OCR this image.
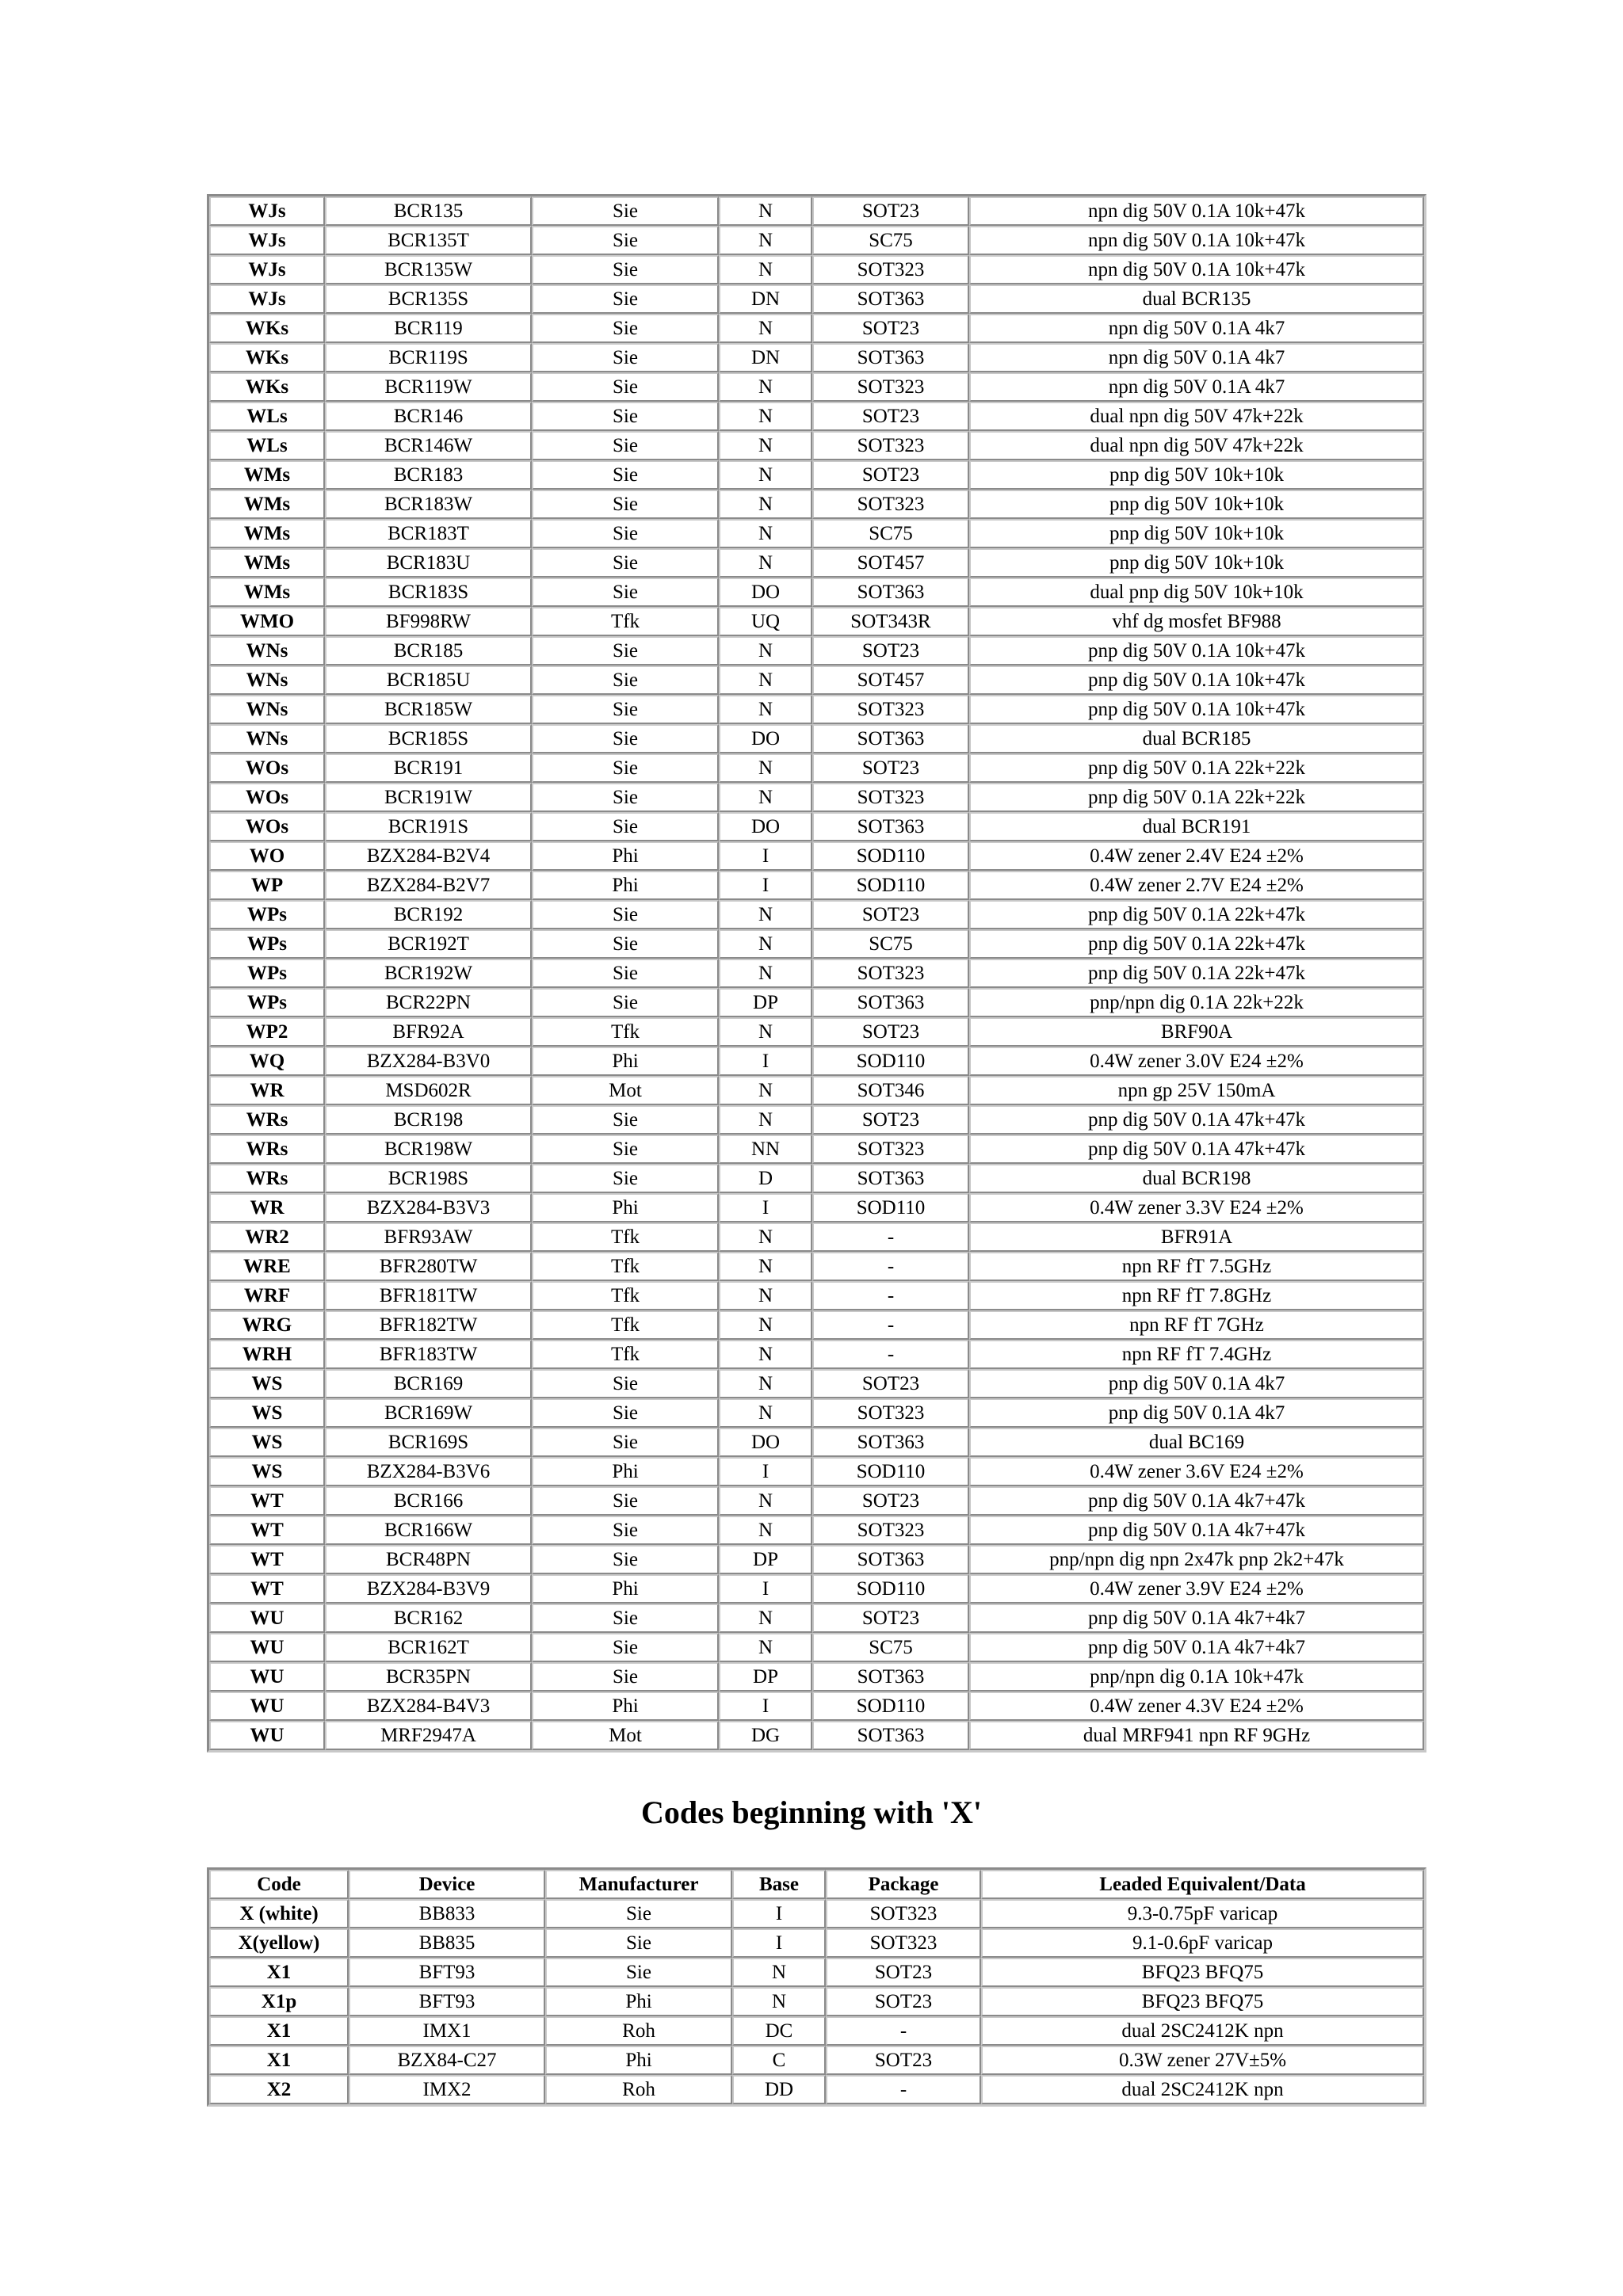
WJs	BCR135	Sie	N	SOT23	npn dig 50V 0.1A 10k+47k
WJs	BCR135T	Sie	N	SC75	npn dig 50V 0.1A 10k+47k
WJs	BCR135W	Sie	N	SOT323	npn dig 50V 0.1A 10k+47k
WJs	BCR135S	Sie	DN	SOT363	dual BCR135
WKs	BCR119	Sie	N	SOT23	npn dig 50V 0.1A 4k7
WKs	BCR119S	Sie	DN	SOT363	npn dig 50V 0.1A 4k7
WKs	BCR119W	Sie	N	SOT323	npn dig 50V 0.1A 4k7
WLs	BCR146	Sie	N	SOT23	dual npn dig 50V 47k+22k
WLs	BCR146W	Sie	N	SOT323	dual npn dig 50V 47k+22k
WMs	BCR183	Sie	N	SOT23	pnp dig 50V 10k+10k
WMs	BCR183W	Sie	N	SOT323	pnp dig 50V 10k+10k
WMs	BCR183T	Sie	N	SC75	pnp dig 50V 10k+10k
WMs	BCR183U	Sie	N	SOT457	pnp dig 50V 10k+10k
WMs	BCR183S	Sie	DO	SOT363	dual pnp dig 50V 10k+10k
WMO	BF998RW	Tfk	UQ	SOT343R	vhf dg mosfet BF988
WNs	BCR185	Sie	N	SOT23	pnp dig 50V 0.1A 10k+47k
WNs	BCR185U	Sie	N	SOT457	pnp dig 50V 0.1A 10k+47k
WNs	BCR185W	Sie	N	SOT323	pnp dig 50V 0.1A 10k+47k
WNs	BCR185S	Sie	DO	SOT363	dual BCR185
WOs	BCR191	Sie	N	SOT23	pnp dig 50V 0.1A 22k+22k
WOs	BCR191W	Sie	N	SOT323	pnp dig 50V 0.1A 22k+22k
WOs	BCR191S	Sie	DO	SOT363	dual BCR191
WO	BZX284-B2V4	Phi	I	SOD110	0.4W zener 2.4V E24 ±2%
WP	BZX284-B2V7	Phi	I	SOD110	0.4W zener 2.7V E24 ±2%
WPs	BCR192	Sie	N	SOT23	pnp dig 50V 0.1A 22k+47k
WPs	BCR192T	Sie	N	SC75	pnp dig 50V 0.1A 22k+47k
WPs	BCR192W	Sie	N	SOT323	pnp dig 50V 0.1A 22k+47k
WPs	BCR22PN	Sie	DP	SOT363	pnp/npn dig 0.1A 22k+22k
WP2	BFR92A	Tfk	N	SOT23	BRF90A
WQ	BZX284-B3V0	Phi	I	SOD110	0.4W zener 3.0V E24 ±2%
WR	MSD602R	Mot	N	SOT346	npn gp 25V 150mA
WRs	BCR198	Sie	N	SOT23	pnp dig 50V 0.1A 47k+47k
WRs	BCR198W	Sie	NN	SOT323	pnp dig 50V 0.1A 47k+47k
WRs	BCR198S	Sie	D	SOT363	dual BCR198
WR	BZX284-B3V3	Phi	I	SOD110	0.4W zener 3.3V E24 ±2%
WR2	BFR93AW	Tfk	N	-	BFR91A
WRE	BFR280TW	Tfk	N	-	npn RF fT 7.5GHz
WRF	BFR181TW	Tfk	N	-	npn RF fT 7.8GHz
WRG	BFR182TW	Tfk	N	-	npn RF fT 7GHz
WRH	BFR183TW	Tfk	N	-	npn RF fT 7.4GHz
WS	BCR169	Sie	N	SOT23	pnp dig 50V 0.1A 4k7
WS	BCR169W	Sie	N	SOT323	pnp dig 50V 0.1A 4k7
WS	BCR169S	Sie	DO	SOT363	dual BC169
WS	BZX284-B3V6	Phi	I	SOD110	0.4W zener 3.6V E24 ±2%
WT	BCR166	Sie	N	SOT23	pnp dig 50V 0.1A 4k7+47k
WT	BCR166W	Sie	N	SOT323	pnp dig 50V 0.1A 4k7+47k
WT	BCR48PN	Sie	DP	SOT363	pnp/npn dig npn 2x47k pnp 2k2+47k
WT	BZX284-B3V9	Phi	I	SOD110	0.4W zener 3.9V E24 ±2%
WU	BCR162	Sie	N	SOT23	pnp dig 50V 0.1A 4k7+4k7
WU	BCR162T	Sie	N	SC75	pnp dig 50V 0.1A 4k7+4k7
WU	BCR35PN	Sie	DP	SOT363	pnp/npn dig 0.1A 10k+47k
WU	BZX284-B4V3	Phi	I	SOD110	0.4W zener 4.3V E24 ±2%
WU	MRF2947A	Mot	DG	SOT363	dual MRF941 npn RF 9GHz
Codes beginning with 'X'
Code	Device	Manufacturer	Base	Package	Leaded Equivalent/Data
X (white)	BB833	Sie	I	SOT323	9.3-0.75pF varicap
X(yellow)	BB835	Sie	I	SOT323	9.1-0.6pF varicap
X1	BFT93	Sie	N	SOT23	BFQ23 BFQ75
X1p	BFT93	Phi	N	SOT23	BFQ23 BFQ75
X1	IMX1	Roh	DC	-	dual 2SC2412K npn
X1	BZX84-C27	Phi	C	SOT23	0.3W zener 27V±5%
X2	IMX2	Roh	DD	-	dual 2SC2412K npn
